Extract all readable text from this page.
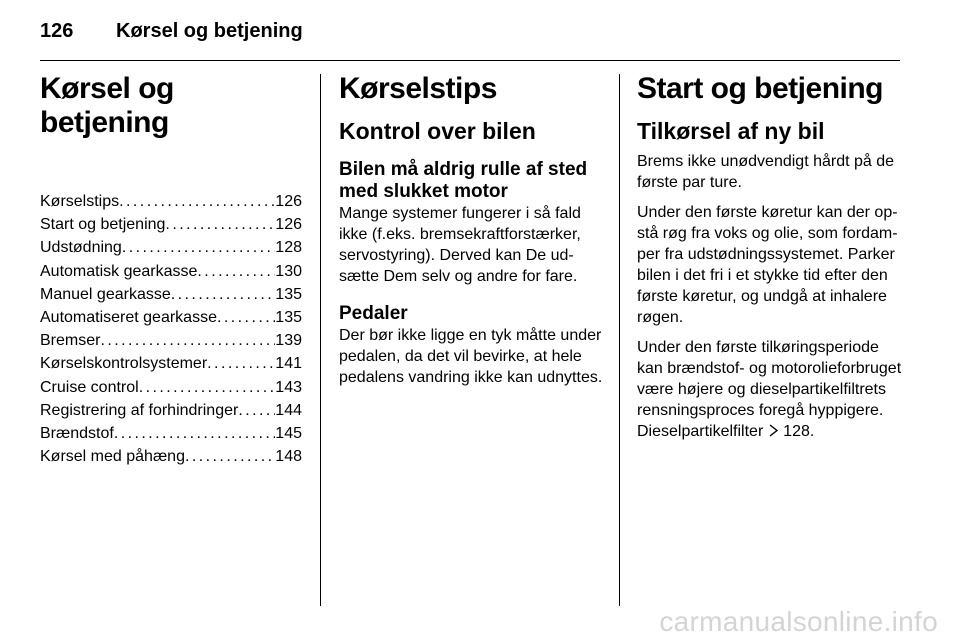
126 Kørsel og betjening
Kørsel og betjening
Kørselstips . . .	126
Start og betjening . . .	126
Udstødning . . .	128
Automatisk gearkasse . . .	130
Manuel gearkasse . . .	135
Automatiseret gearkasse . . .	135
Bremser . . .	139
Kørselskontrolsystemer . . .	141
Cruise control . . .	143
Registrering af forhindringer . . . 144
Brændstof . . .	145
Kørsel med påhæng . . .	148
Kørselstips
Kontrol over bilen
Bilen må aldrig rulle af sted med slukket motor

Mange systemer fungerer i så fald ikke (f.eks. bremsekraftforstærker, servostyring). Derved kan De ud-sætte Dem selv og andre for fare.

Pedaler

Der bør ikke ligge en tyk måtte under pedalen, da det vil bevirke, at hele pedalens vandring ikke kan udnyttes.

Start og betjening
Tilkørsel af ny bil

Brems ikke unødvendigt hårdt på de første par ture.

Under den første køretur kan der op-stå røg fra voks og olie, som fordam-per fra udstødningssystemet. Parker bilen i det fri i et stykke tid efter den første køretur, og undgå at inhalere røgen.

Under den første tilkøringsperiode kan brændstof- og motorolieforbruget være højere og dieselpartikelfiltrets rensningsproces foregå hyppigere.

Dieselpartikelfilter 128.

carmanualsonline.info
